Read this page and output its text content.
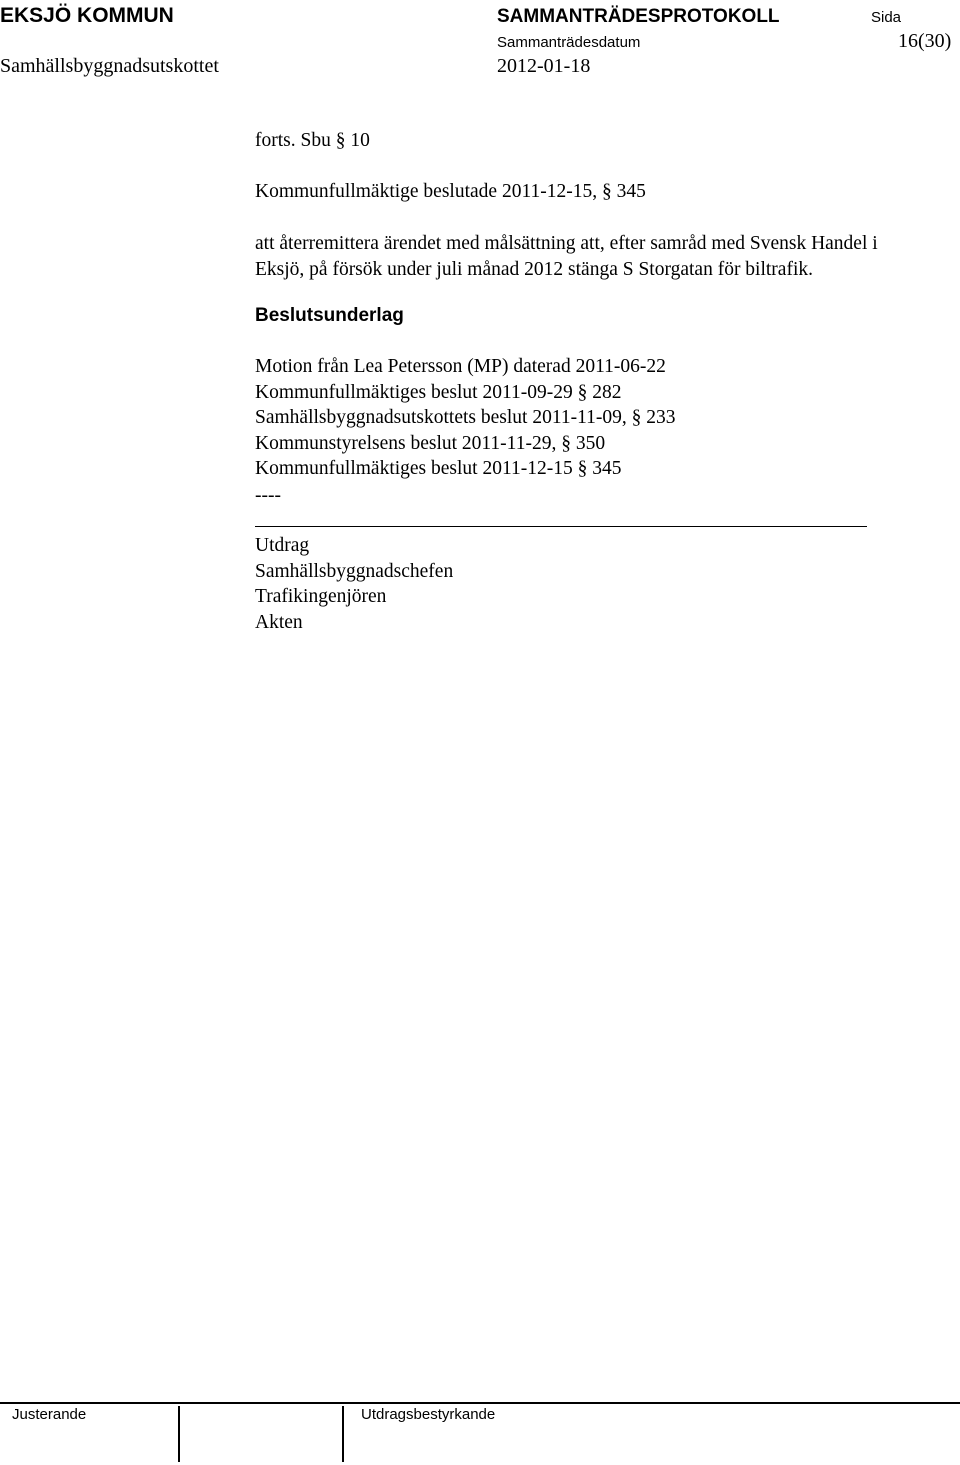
EKSJÖ KOMMUN	SAMMANTRÄDESPROTOKOLL	Sida
Sammanträdesdatum	16(30)
Samhällsbyggnadsutskottet	2012-01-18
forts. Sbu § 10
Kommunfullmäktige beslutade 2011-12-15, § 345
att återremittera ärendet med målsättning att, efter samråd med Svensk Handel i
Eksjö, på försök under juli månad 2012 stänga S Storgatan för biltrafik.
Beslutsunderlag
Motion från Lea Petersson (MP) daterad 2011-06-22
Kommunfullmäktiges beslut 2011-09-29 § 282
Samhällsbyggnadsutskottets beslut 2011-11-09, § 233
Kommunstyrelsens beslut 2011-11-29, § 350
Kommunfullmäktiges beslut 2011-12-15 § 345
----
Utdrag
Samhällsbyggnadschefen
Trafikingenjören
Akten
Justerande	Utdragsbestyrkande
